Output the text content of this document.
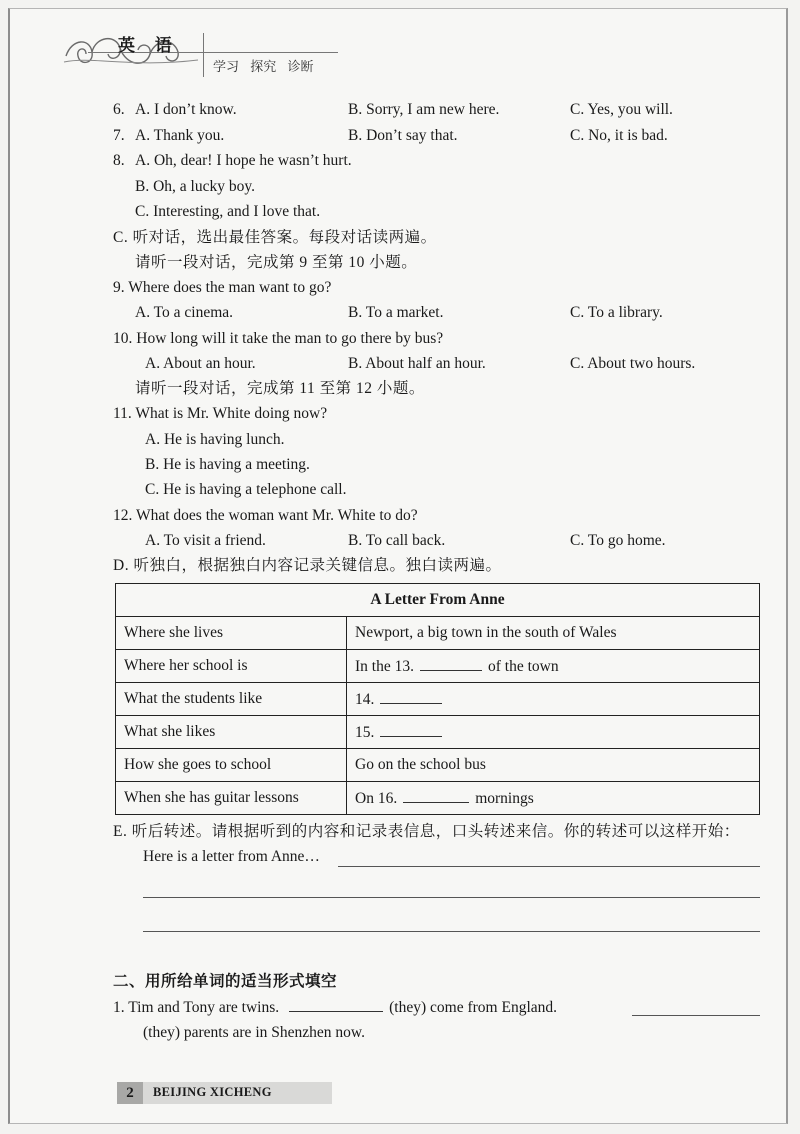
英 语
学习 探究 诊断
6. A. I don’t know.	B. Sorry, I am new here.	C. Yes, you will.
7. A. Thank you.	B. Don’t say that.	C. No, it is bad.
8. A. Oh, dear! I hope he wasn’t hurt.
B. Oh, a lucky boy.
C. Interesting, and I love that.
C. 听对话，选出最佳答案。每段对话读两遍。
请听一段对话，完成第 9 至第 10 小题。
9. Where does the man want to go?
A. To a cinema.	B. To a market.	C. To a library.
10. How long will it take the man to go there by bus?
A. About an hour.	B. About half an hour.	C. About two hours.
请听一段对话，完成第 11 至第 12 小题。
11. What is Mr. White doing now?
A. He is having lunch.
B. He is having a meeting.
C. He is having a telephone call.
12. What does the woman want Mr. White to do?
A. To visit a friend.	B. To call back.	C. To go home.
D. 听独白，根据独白内容记录关键信息。独白读两遍。
A Letter From Anne	
Where she lives	Newport, a big town in the south of Wales
Where her school is	In the 13. of the town
What the students like	14.
What she likes	15.
How she goes to school	Go on the school bus
When she has guitar lessons	On 16. mornings
E. 听后转述。请根据听到的内容和记录表信息，口头转述来信。你的转述可以这样开始：
Here is a letter from Anne…
二、用所给单词的适当形式填空
1. Tim and Tony are twins.	(they) come from England.
(they) parents are in Shenzhen now.
2	BEIJING XICHENG
